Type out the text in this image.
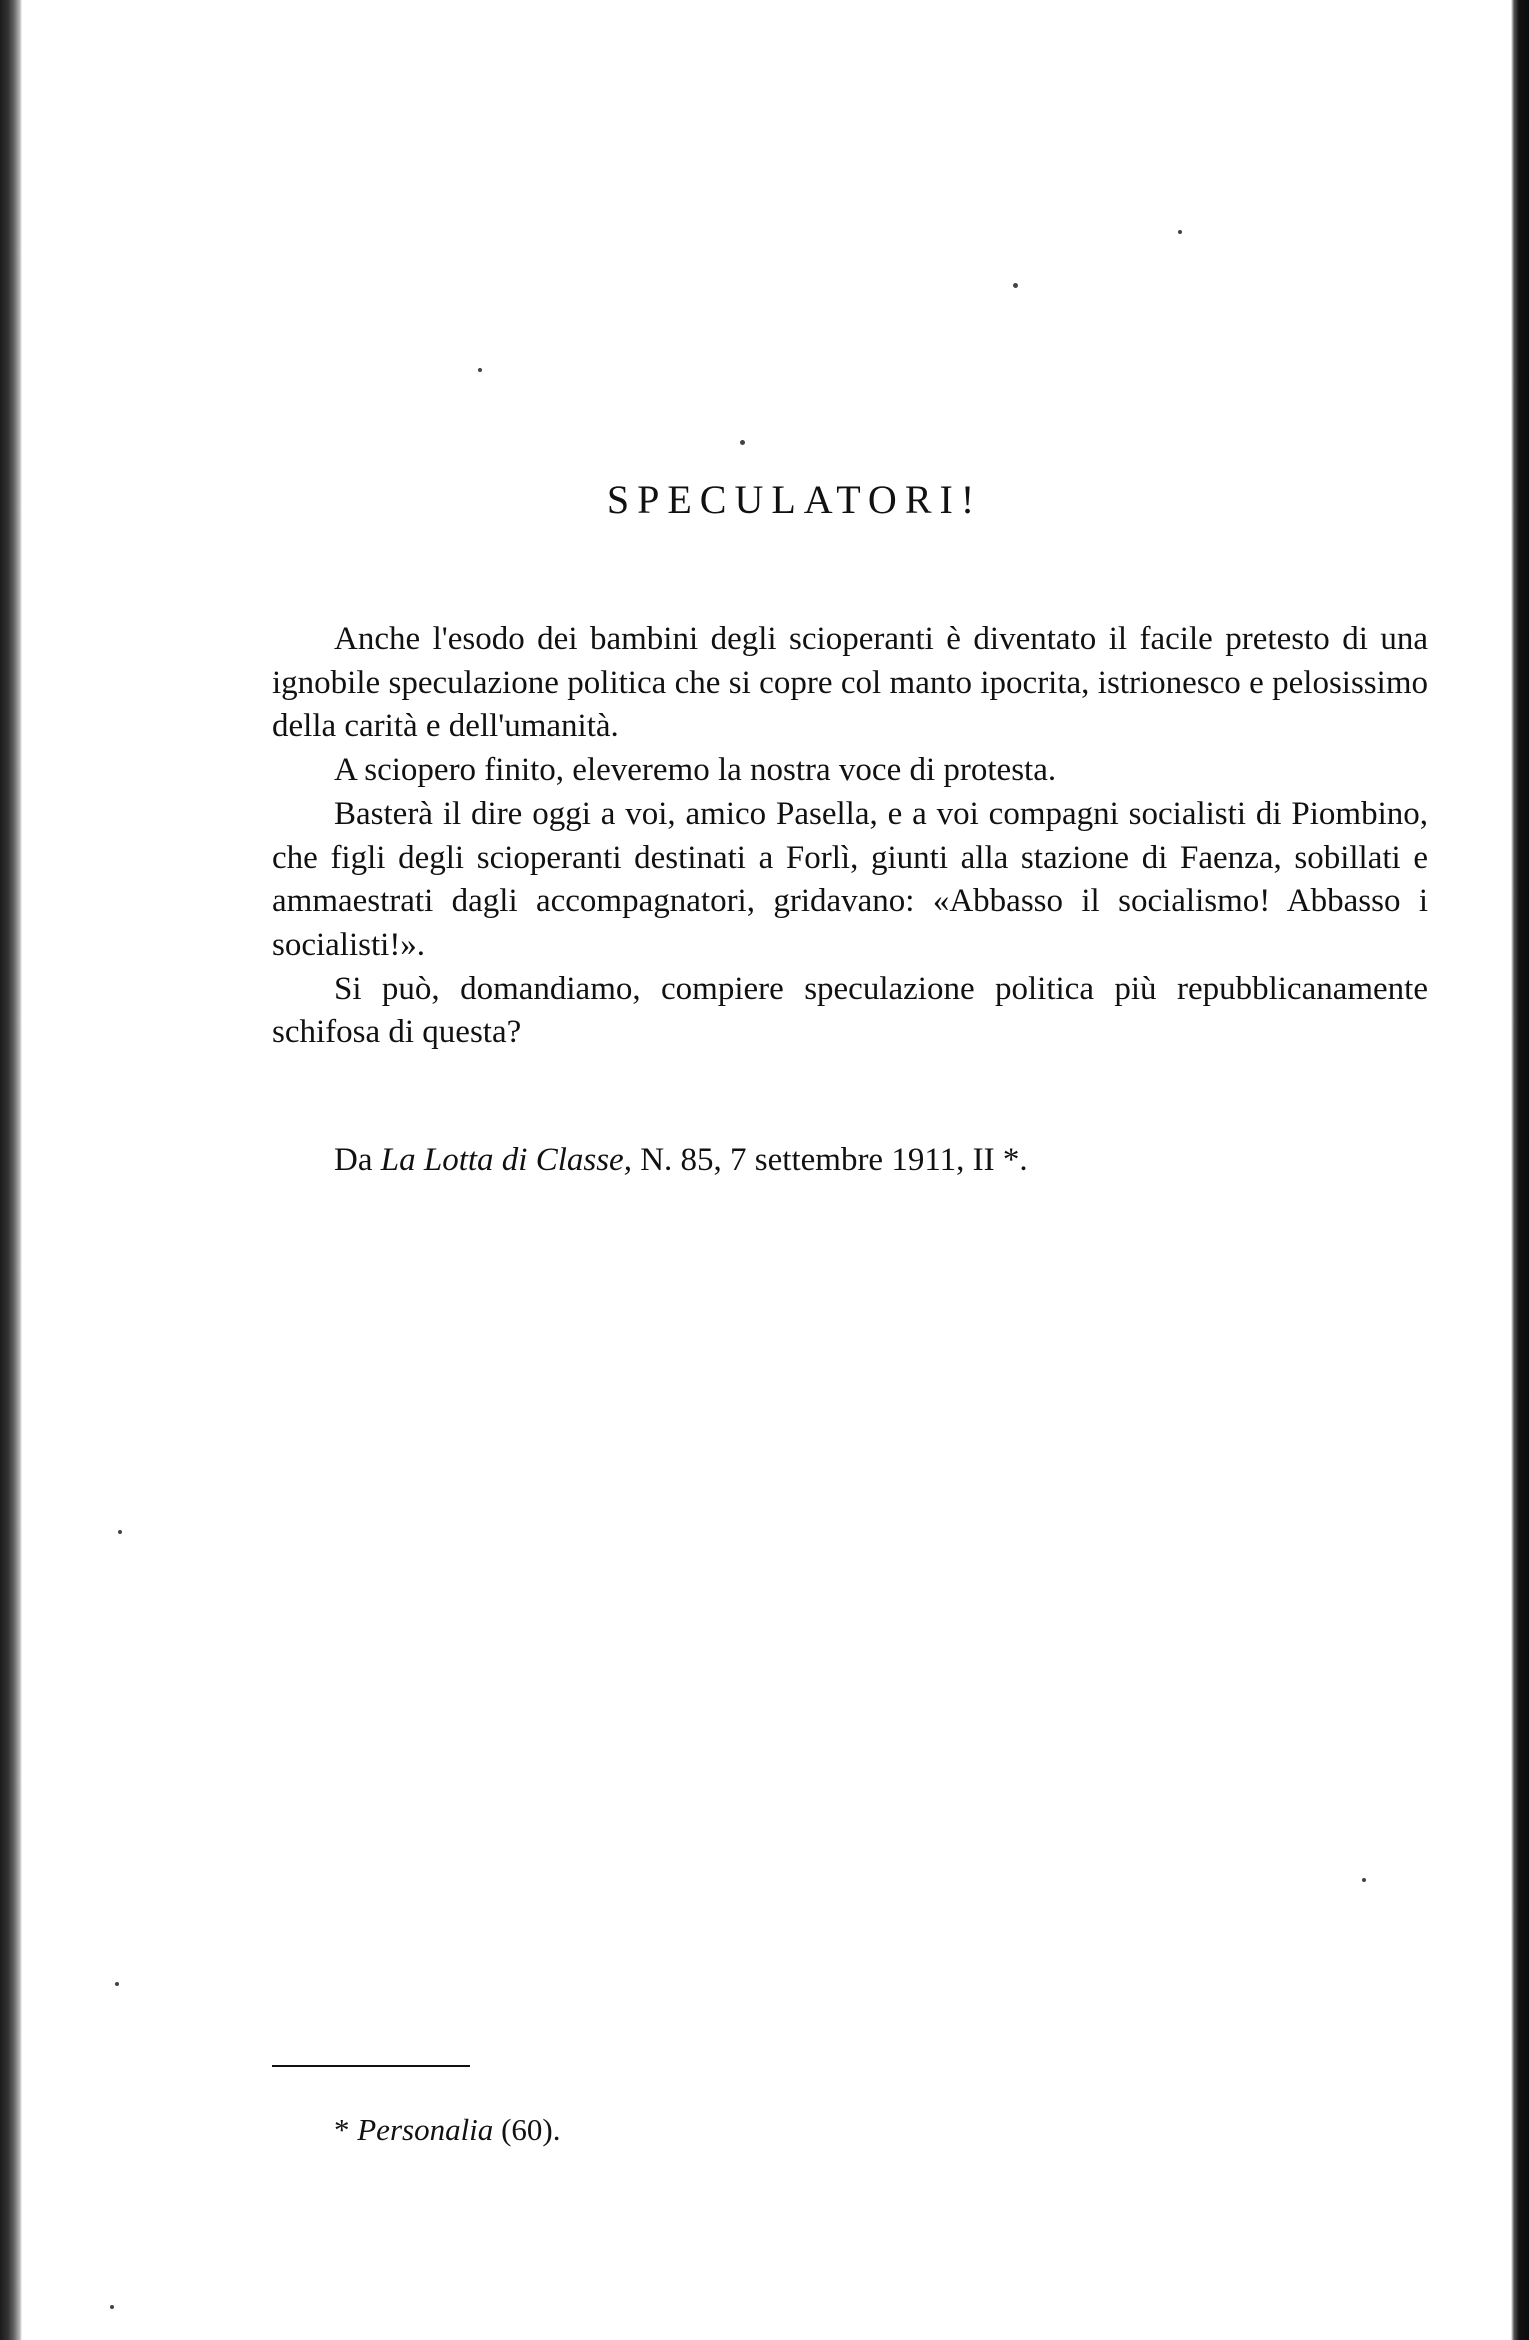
SPECULATORI!

Anche l'esodo dei bambini degli scioperanti è diventato il facile pretesto di una ignobile speculazione politica che si copre col manto ipocrita, istrionesco e pelosissimo della carità e dell'umanità.

A sciopero finito, eleveremo la nostra voce di protesta.

Basterà il dire oggi a voi, amico Pasella, e a voi compagni socialisti di Piombino, che figli degli scioperanti destinati a Forlì, giunti alla stazione di Faenza, sobillati e ammaestrati dagli accompagnatori, gridavano: «Abbasso il socialismo! Abbasso i socialisti!».

Si può, domandiamo, compiere speculazione politica più repubblicanamente schifosa di questa?

Da La Lotta di Classe, N. 85, 7 settembre 1911, II *.
* Personalia (60).
